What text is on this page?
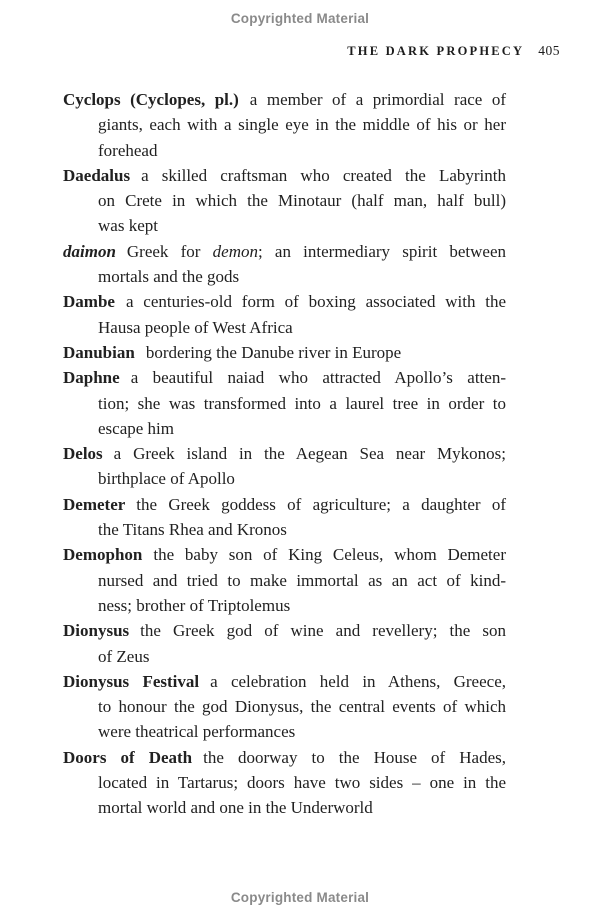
Copyrighted Material
THE DARK PROPHECY 405
Cyclops (Cyclopes, pl.) a member of a primordial race of
giants, each with a single eye in the middle of his or her
forehead
Daedalus a skilled craftsman who created the Labyrinth
on Crete in which the Minotaur (half man, half bull)
was kept
daimon Greek for demon; an intermediary spirit between
mortals and the gods
Dambe a centuries-old form of boxing associated with the
Hausa people of West Africa
Danubian bordering the Danube river in Europe
Daphne a beautiful naiad who attracted Apollo’s atten-
tion; she was transformed into a laurel tree in order to
escape him
Delos a Greek island in the Aegean Sea near Mykonos;
birthplace of Apollo
Demeter the Greek goddess of agriculture; a daughter of
the Titans Rhea and Kronos
Demophon the baby son of King Celeus, whom Demeter
nursed and tried to make immortal as an act of kind-
ness; brother of Triptolemus
Dionysus the Greek god of wine and revellery; the son
of Zeus
Dionysus Festival a celebration held in Athens, Greece,
to honour the god Dionysus, the central events of which
were theatrical performances
Doors of Death the doorway to the House of Hades,
located in Tartarus; doors have two sides – one in the
mortal world and one in the Underworld
Copyrighted Material
